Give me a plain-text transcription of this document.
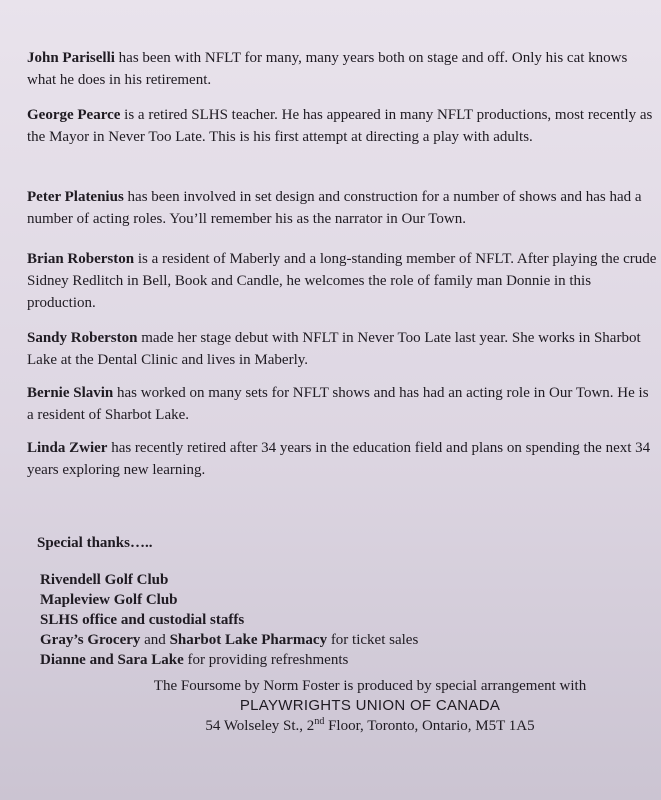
John Pariselli has been with NFLT for many, many years both on stage and off. Only his cat knows what he does in his retirement.
George Pearce is a retired SLHS teacher. He has appeared in many NFLT productions, most recently as the Mayor in Never Too Late. This is his first attempt at directing a play with adults.
Peter Platenius has been involved in set design and construction for a number of shows and has had a number of acting roles. You’ll remember his as the narrator in Our Town.
Brian Roberston is a resident of Maberly and a long-standing member of NFLT. After playing the crude Sidney Redlitch in Bell, Book and Candle, he welcomes the role of family man Donnie in this production.
Sandy Roberston made her stage debut with NFLT in Never Too Late last year. She works in Sharbot Lake at the Dental Clinic and lives in Maberly.
Bernie Slavin has worked on many sets for NFLT shows and has had an acting role in Our Town. He is a resident of Sharbot Lake.
Linda Zwier has recently retired after 34 years in the education field and plans on spending the next 34 years exploring new learning.
Special thanks…..
Rivendell Golf Club
Mapleview Golf Club
SLHS office and custodial staffs
Gray’s Grocery and Sharbot Lake Pharmacy for ticket sales
Dianne and Sara Lake for providing refreshments
The Foursome by Norm Foster is produced by special arrangement with
PLAYWRIGHTS UNION OF CANADA
54 Wolseley St., 2nd Floor, Toronto, Ontario, M5T 1A5
